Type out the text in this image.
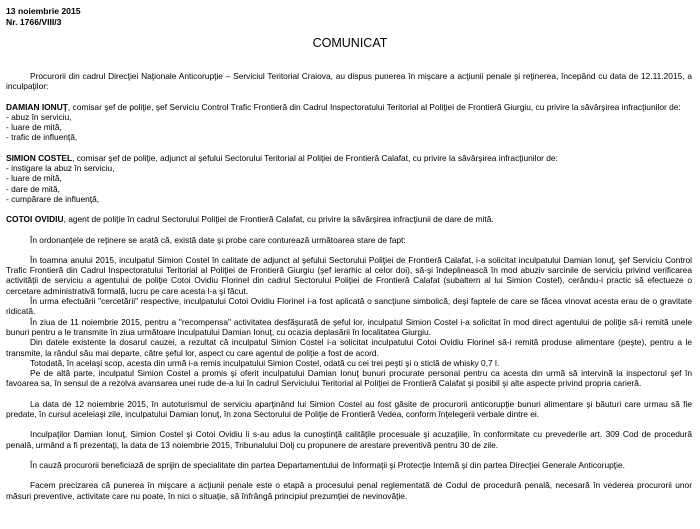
13 noiembrie 2015
Nr. 1766/VIII/3
COMUNICAT

Procurorii din cadrul Direcţiei Naţionale Anticorupţie – Serviciul Teritorial Craiova, au dispus punerea în mişcare a acţiunii penale şi reţinerea, începând cu data de 12.11.2015, a inculpaţilor:

DAMIAN IONUŢ, comisar şef de poliţie, şef Serviciu Control Trafic Frontieră din Cadrul Inspectoratului Teritorial al Poliţiei de Frontieră Giurgiu, cu privire la săvârşirea infracţiunilor de:

- abuz în serviciu,

- luare de mită,

- trafic de influenţă,

SIMION COSTEL, comisar şef de poliţie, adjunct al şefului Sectorului Teritorial al Poliţiei de Frontieră Calafat, cu privire la săvârşirea infracţiunilor de:

- instigare la abuz în serviciu,

- luare de mită,

- dare de mită,

- cumpărare de influenţă,

COTOI OVIDIU, agent de poliţie în cadrul Sectorului Poliţiei de Frontieră Calafat, cu privire la săvârşirea infracţiunii de dare de mită.

În ordonanţele de reţinere se arată că, există date şi probe care conturează următoarea stare de fapt:

În toamna anului 2015, inculpatul Simion Costel în calitate de adjunct al şefului Sectorului Poliţiei de Frontieră Calafat, i-a solicitat inculpatului Damian Ionuţ, şef Serviciu Control Trafic Frontieră din Cadrul Inspectoratului Teritorial al Poliţiei de Frontieră Giurgiu (şef ierarhic al celor doi), să-şi îndeplinească în mod abuziv sarcinile de serviciu privind verificarea activităţii de serviciu a agentului de poliţie Cotoi Ovidiu Florinel din cadrul Sectorului Poliţiei de Frontieră Calafat (subaltern al lui Simion Costel), cerându-i practic să efectueze o cercetare administrativă formală, lucru pe care acesta l-a şi făcut.

În urma efectuării "cercetării" respective, inculpatului Cotoi Ovidiu Florinel i-a fost aplicată o sancţiune simbolică, deşi faptele de care se făcea vinovat acesta erau de o gravitate ridicată.

În ziua de 11 noiembrie 2015, pentru a "recompensa" activitatea desfăşurată de şeful lor, inculpatul Simion Costel i-a solicitat în mod direct agentului de poliţie să-i remită unele bunuri pentru a le transmite în ziua următoare inculpatului Damian Ionuţ, cu ocazia deplasării în localitatea Giurgiu.

Din datele existente la dosarul cauzei, a rezultat că inculpatul Simion Costel i-a solicitat inculpatului Cotoi Ovidiu Florinel să-i remită produse alimentare (peşte), pentru a le transmite, la rândul său mai departe, către şeful lor, aspect cu care agentul de poliţie a fost de acord.

Totodată, în acelaşi scop, acesta din urmă i-a remis inculpatului Simion Costel, odată cu cei trei peşti şi o sticlă de whisky 0,7 l.

Pe de altă parte, inculpatul Simion Costel a promis şi oferit inculpatului Damian Ionuţ bunuri procurate personal pentru ca acesta din urmă să intervină la inspectorul şef în favoarea sa, în sensul de a rezolva avansarea unei rude de-a lui în cadrul Serviciului Teritorial al Poliţiei de Frontieră Calafat şi posibil şi alte aspecte privind propria carieră.

La data de 12 noiembrie 2015, în autoturismul de serviciu aparţinând lui Simion Costel au fost găsite de procurorii anticorupţie bunuri alimentare şi băuturi care urmau să fie predate, în cursul aceleiaşi zile, inculpatului Damian Ionuţ, în zona Sectorului de Poliţie de Frontieră Vedea, conform înţelegerii verbale dintre ei.

Inculpaţilor Damian Ionuţ, Simion Costel şi Cotoi Ovidiu li s-au adus la cunoştinţă calităţile procesuale şi acuzaţiile, în conformitate cu prevederile art. 309 Cod de procedură penală, urmând a fi prezentaţi, la data de 13 noiembrie 2015, Tribunalului Dolj cu propunere de arestare preventivă pentru 30 de zile.

În cauză procurorii beneficiază de sprijin de specialitate din partea Departamentului de Informaţii şi Protecţie Internă şi din partea Direcţiei Generale Anticorupţie.

Facem precizarea că punerea în mişcare a acţiunii penale este o etapă a procesului penal reglementată de Codul de procedură penală, necesară în vederea procurorii unor măsuri preventive, activitate care nu poate, în nici o situaţie, să înfrângă principiul prezumţiei de nevinovăţie.
